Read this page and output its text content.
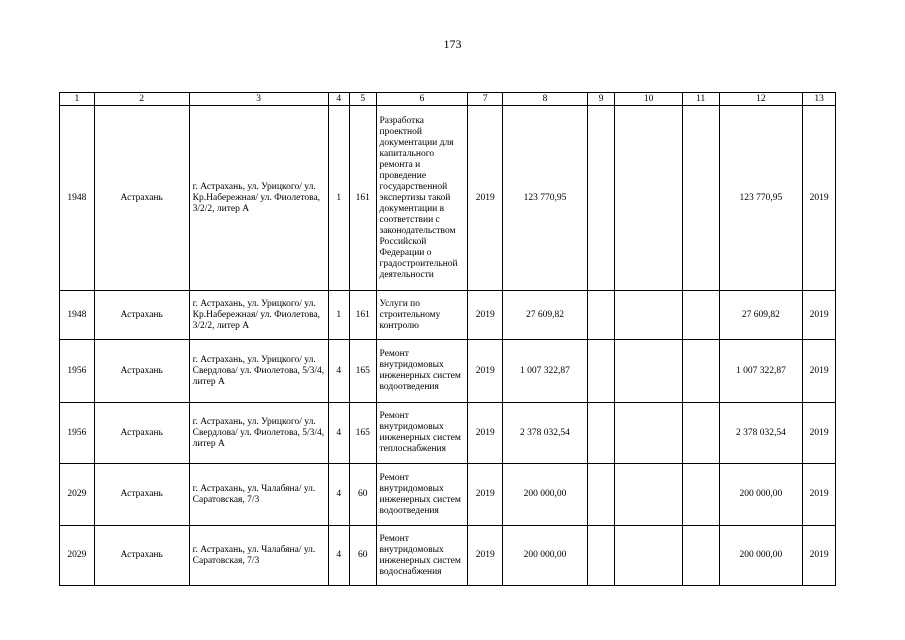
173
1	2	3	4	5	6	7	8	9	10	11	12	13
1948	Астрахань	г. Астрахань, ул. Урицкого/ ул. Кр.Набережная/ ул. Фиолетова, 3/2/2, литер А	1	161	Разработка проектной документации для капитального ремонта и проведение государственной экспертизы такой документации в соответствии с законодательством Российской Федерации о градостроительной деятельности	2019	123 770,95				123 770,95	2019
1948	Астрахань	г. Астрахань, ул. Урицкого/ ул. Кр.Набережная/ ул. Фиолетова, 3/2/2, литер А	1	161	Услуги по строительному контролю	2019	27 609,82				27 609,82	2019
1956	Астрахань	г. Астрахань, ул. Урицкого/ ул. Свердлова/ ул. Фиолетова, 5/3/4, литер А	4	165	Ремонт внутридомовых инженерных систем водоотведения	2019	1 007 322,87				1 007 322,87	2019
1956	Астрахань	г. Астрахань, ул. Урицкого/ ул. Свердлова/ ул. Фиолетова, 5/3/4, литер А	4	165	Ремонт внутридомовых инженерных систем теплоснабжения	2019	2 378 032,54				2 378 032,54	2019
2029	Астрахань	г. Астрахань, ул. Чалабяна/ ул. Саратовская, 7/3	4	60	Ремонт внутридомовых инженерных систем водоотведения	2019	200 000,00				200 000,00	2019
2029	Астрахань	г. Астрахань, ул. Чалабяна/ ул. Саратовская, 7/3	4	60	Ремонт внутридомовых инженерных систем водоснабжения	2019	200 000,00				200 000,00	2019
